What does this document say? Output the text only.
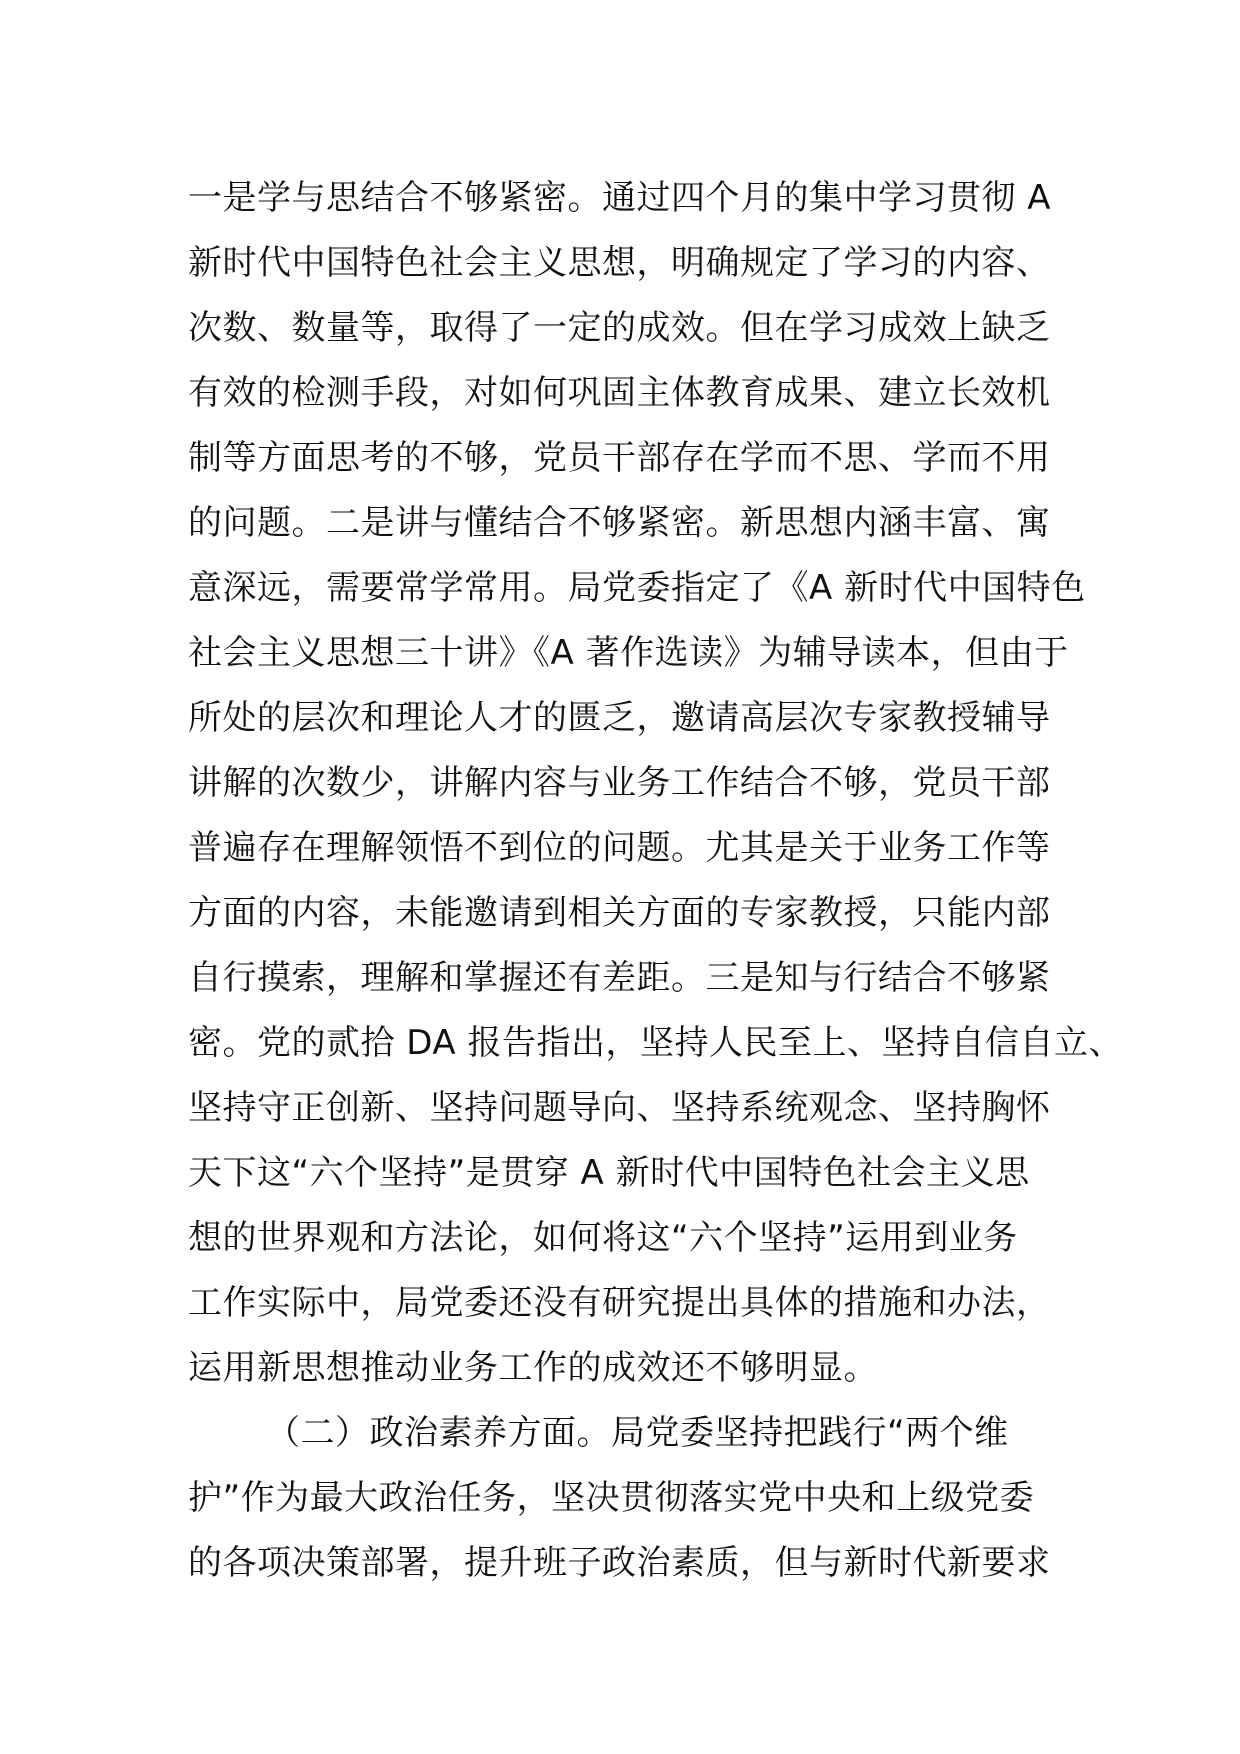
一是学与思结合不够紧密。通过四个月的集中学习贯彻 A
新时代中国特色社会主义思想，明确规定了学习的内容、
次数、数量等，取得了一定的成效。但在学习成效上缺乏
有效的检测手段，对如何巩固主体教育成果、建立长效机
制等方面思考的不够，党员干部存在学而不思、学而不用
的问题。二是讲与懂结合不够紧密。新思想内涵丰富、寓
意深远，需要常学常用。局党委指定了《A 新时代中国特色
社会主义思想三十讲》《A 著作选读》为辅导读本，但由于
所处的层次和理论人才的匮乏，邀请高层次专家教授辅导
讲解的次数少，讲解内容与业务工作结合不够，党员干部
普遍存在理解领悟不到位的问题。尤其是关于业务工作等
方面的内容，未能邀请到相关方面的专家教授，只能内部
自行摸索，理解和掌握还有差距。三是知与行结合不够紧
密。党的贰拾 DA 报告指出，坚持人民至上、坚持自信自立、
坚持守正创新、坚持问题导向、坚持系统观念、坚持胸怀
天下这“六个坚持”是贯穿 A 新时代中国特色社会主义思
想的世界观和方法论，如何将这“六个坚持”运用到业务
工作实际中，局党委还没有研究提出具体的措施和办法，
运用新思想推动业务工作的成效还不够明显。
（二）政治素养方面。局党委坚持把践行“两个维
护”作为最大政治任务，坚决贯彻落实党中央和上级党委
的各项决策部署，提升班子政治素质，但与新时代新要求
